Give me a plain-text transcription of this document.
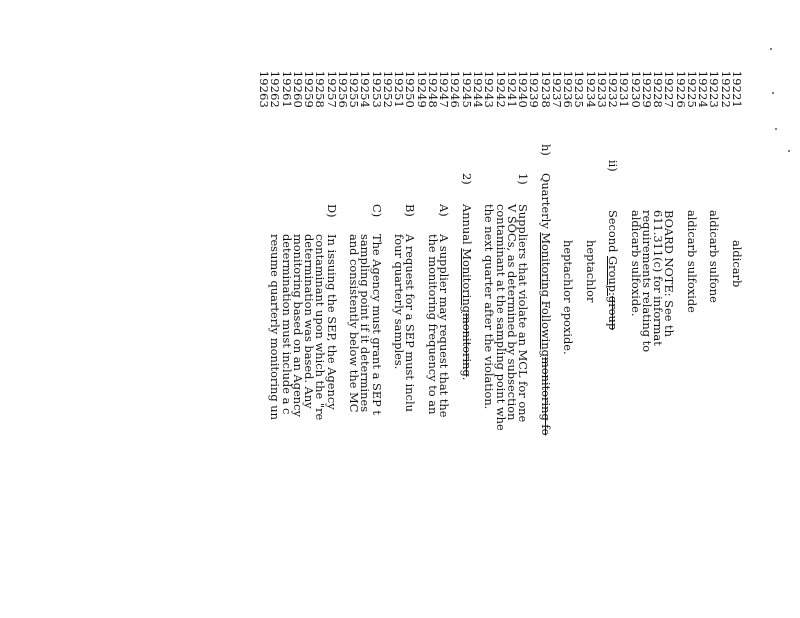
19221
aldicarb
19222
19223
aldicarb sulfone
19224
19225
aldicarb sulfoxide
19226
19227
BOARD NOTE: See th
19228
611.311(c) for informat
19229
requirements relating to
19230
aldicarb sulfoxide.
19231
19232
ii)
Second Group:group
19233
19234
heptachlor
19235
19236
heptachlor epoxide.
19237
19238
h)
Quarterly Monitoring Followingmonitoring fo
19239
19240
1)
Suppliers that violate an MCL for one
19241
V SOCs, as determined by subsection
19242
contaminant at the sampling point whe
19243
the next quarter after the violation.
19244
19245
2)
Annual Monitoringmonitoring.
19246
19247
A)
A supplier may request that the
19248
the monitoring frequency to an
19249
19250
B)
A request for a SEP must inclu
19251
four quarterly samples.
19252
19253
C)
The Agency must grant a SEP t
19254
sampling point if it determines
19255
and consistently below the MC
19256
19257
D)
In issuing the SEP, the Agency
19258
contaminant upon which the "re
19259
determination was based. Any
19260
monitoring based on an Agency
19261
determination must include a c
19262
resume quarterly monitoring un
19263
